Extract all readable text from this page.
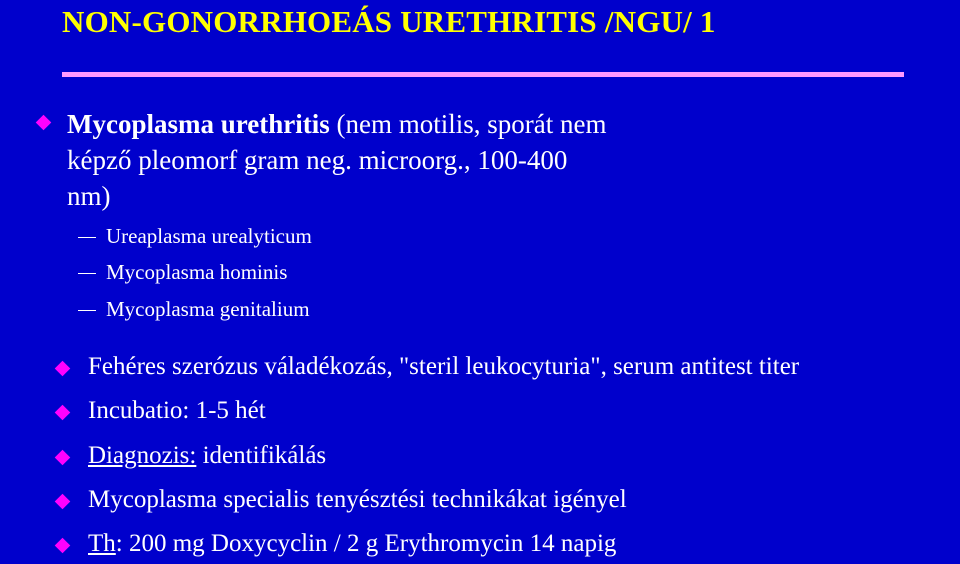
NON-GONORRHOEÁS URETHRITIS /NGU/ 1
Mycoplasma urethritis (nem motilis, sporát nem képző pleomorf gram neg. microorg., 100-400 nm)
Ureaplasma urealyticum
Mycoplasma hominis
Mycoplasma genitalium
Fehéres szerózus váladékozás, "steril leukocyturia", serum antitest titer
Incubatio: 1-5 hét
Diagnozis: identifikálás
Mycoplasma specialis tenyésztési technikákat igényel
Th: 200 mg Doxycyclin / 2 g Erythromycin 14 napig
